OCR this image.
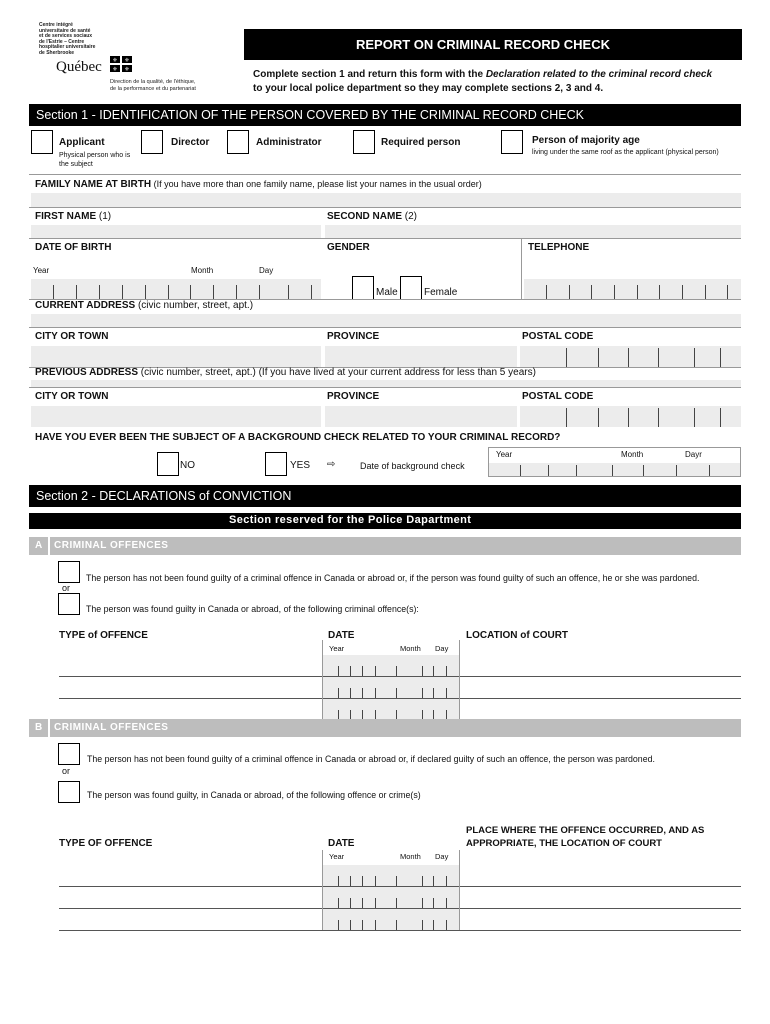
Centre intégré
universitaire de santé
et de services sociaux
de l'Estrie – Centre
hospitalier universitaire
de Sherbrooke
Québec ⚜ ⚜
⚜ ⚜
Direction de la qualité, de l'éthique,
de la performance et du partenariat
REPORT ON CRIMINAL RECORD CHECK
Complete section 1 and return this form with the Declaration related to the criminal record check
to your local police department so they may complete sections 2, 3 and 4.
Section 1 - IDENTIFICATION OF THE PERSON COVERED BY THE CRIMINAL RECORD CHECK
Applicant
Physical person who is
the subject
Director	Administrator	Required person	Person of majority age
living under the same roof as the applicant (physical person)
FAMILY NAME AT BIRTH (If you have more than one family name, please list your names in the usual order)
FIRST NAME (1)	SECOND NAME (2)
DATE OF BIRTH	GENDER	TELEPHONE
Year	Month	Day
Male	Female
CURRENT ADDRESS (civic number, street, apt.)
CITY OR TOWN	PROVINCE	POSTAL CODE
PREVIOUS ADDRESS (civic number, street, apt.) (If you have lived at your current address for less than 5 years)
CITY OR TOWN	PROVINCE	POSTAL CODE
HAVE YOU EVER BEEN THE SUBJECT OF A BACKGROUND CHECK RELATED TO YOUR CRIMINAL RECORD?
NO	YES ⇨	Date of background check
Year	Month	Dayr
Section 2 - DECLARATIONS of CONVICTION
Section reserved for the Police Dapartment
A CRIMINAL OFFENCES
The person has not been found guilty of a criminal offence in Canada or abroad or, if the person was found guilty of such an offence, he or she was pardoned.
or
The person was found guilty in Canada or abroad, of the following criminal offence(s):
TYPE of OFFENCE	DATE	LOCATION of COURT
Year	Month Day
B CRIMINAL OFFENCES
The person has not been found guilty of a criminal offence in Canada or abroad or, if declared guilty of such an offence, the person was pardoned.
or
The person was found guilty, in Canada or abroad, of the following offence or crime(s)
TYPE OF OFFENCE	DATE
PLACE WHERE THE OFFENCE OCCURRED, AND AS
APPROPRIATE, THE LOCATION OF COURT
Year	Month Day
